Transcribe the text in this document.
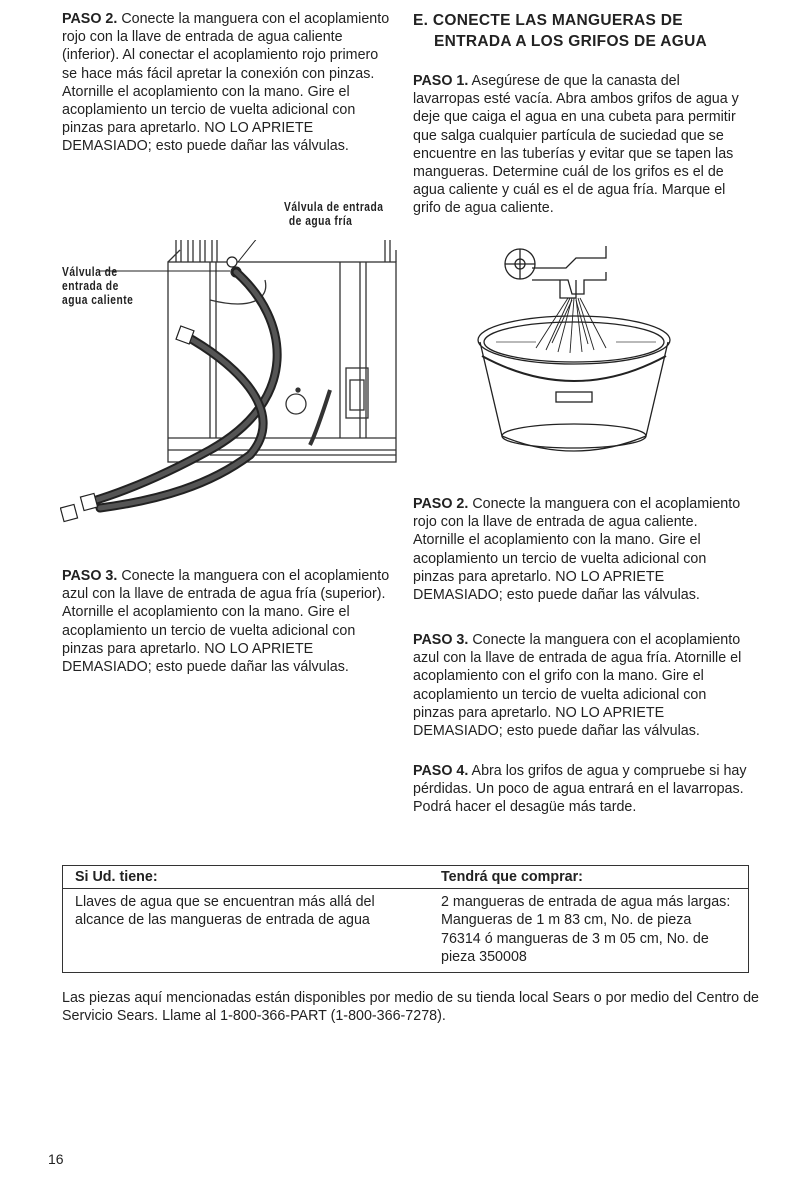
PASO 2. Conecte la manguera con el acoplamiento rojo con la llave de entrada de agua caliente (inferior). Al conectar el acoplamiento rojo primero se hace más fácil apretar la conexión con pinzas. Atornille el acoplamiento con la mano. Gire el acoplamiento un tercio de vuelta adicional con pinzas para apretarlo. NO LO APRIETE DEMASIADO; esto puede dañar las válvulas.

Válvula de entrada
de agua fría
Válvula de
entrada de
agua caliente

PASO 3. Conecte la manguera con el acoplamiento azul con la llave de entrada de agua fría (superior). Atornille el acoplamiento con la mano. Gire el acoplamiento un tercio de vuelta adicional con pinzas para apretarlo. NO LO APRIETE DEMASIADO; esto puede dañar las válvulas.

E. CONECTE LAS MANGUERAS DE
ENTRADA A LOS GRIFOS DE AGUA

PASO 1. Asegúrese de que la canasta del lavarropas esté vacía. Abra ambos grifos de agua y deje que caiga el agua en una cubeta para permitir que salga cualquier partícula de suciedad que se encuentre en las tuberías y evitar que se tapen las mangueras. Determine cuál de los grifos es el de agua caliente y cuál es el de agua fría. Marque el grifo de agua caliente.

PASO 2. Conecte la manguera con el acoplamiento rojo con la llave de entrada de agua caliente. Atornille el acoplamiento con la mano. Gire el acoplamiento un tercio de vuelta adicional con pinzas para apretarlo. NO LO APRIETE DEMASIADO; esto puede dañar las válvulas.

PASO 3. Conecte la manguera con el acoplamiento azul con la llave de entrada de agua fría. Atornille el acoplamiento con el grifo con la mano. Gire el acoplamiento un tercio de vuelta adicional con pinzas para apretarlo. NO LO APRIETE DEMASIADO; esto puede dañar las válvulas.

PASO 4. Abra los grifos de agua y compruebe si hay pérdidas. Un poco de agua entrará en el lavarropas. Podrá hacer el desagüe más tarde.

Si Ud. tiene:	Tendrá que comprar:
Llaves de agua que se encuentran más allá del alcance de las mangueras de entrada de agua	2 mangueras de entrada de agua más largas: Mangueras de 1 m 83 cm, No. de pieza 76314 ó mangueras de 3 m 05 cm, No. de pieza 350008
Las piezas aquí mencionadas están disponibles por medio de su tienda local Sears o por medio del Centro de Servicio Sears. Llame al 1-800-366-PART (1-800-366-7278).
16
